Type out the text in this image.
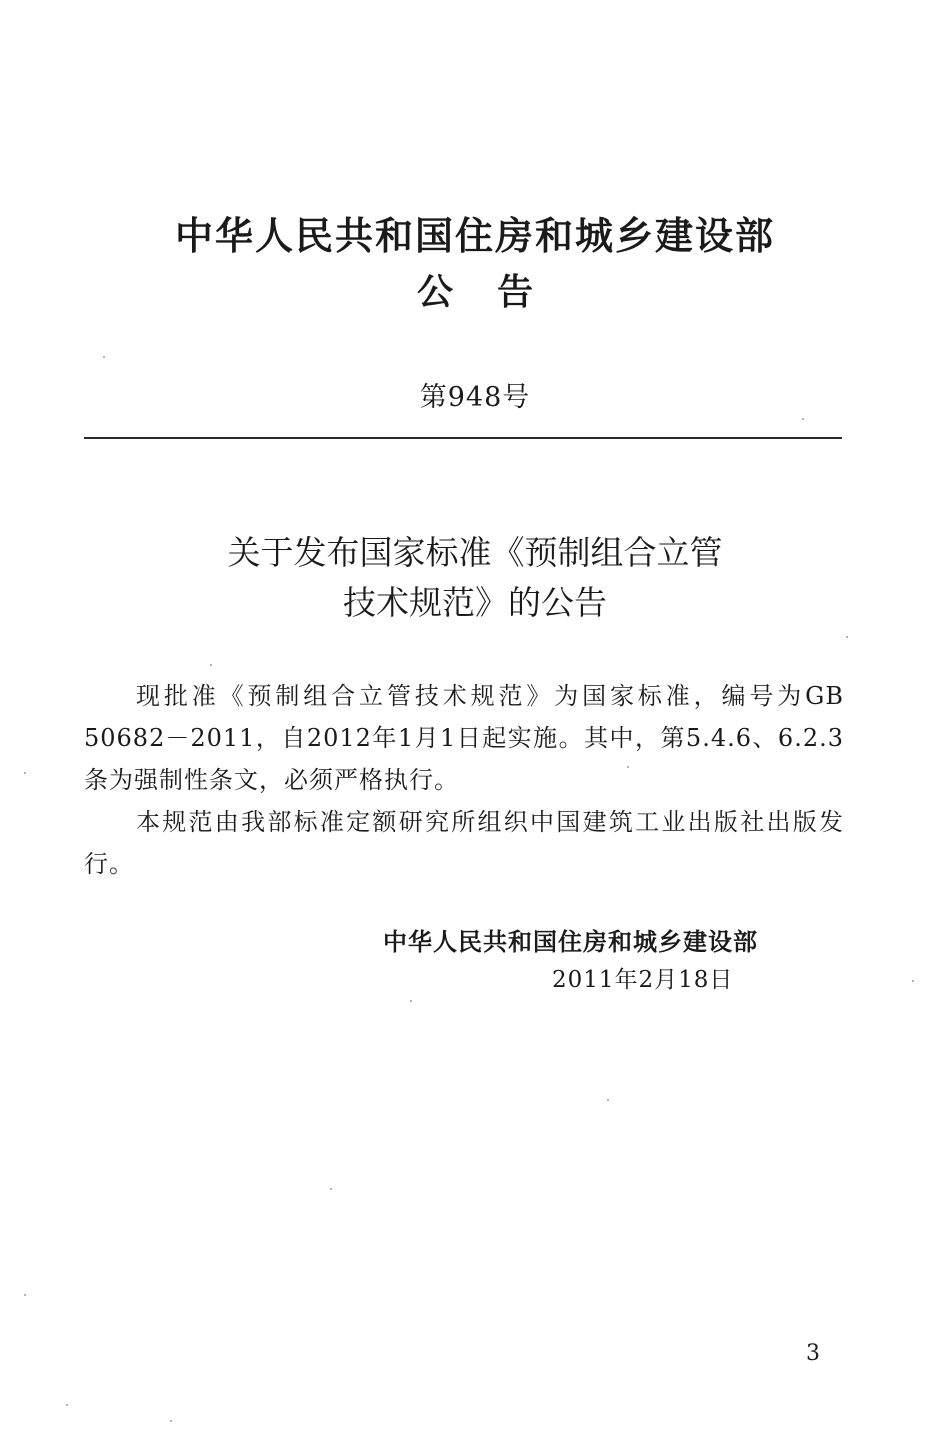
中华人民共和国住房和城乡建设部
公告
第948号
关于发布国家标准《预制组合立管
技术规范》的公告

现批准《预制组合立管技术规范》为国家标准，编号为GB 50682－2011，自2012年1月1日起实施。其中，第5.4.6、6.2.3条为强制性条文，必须严格执行。

本规范由我部标准定额研究所组织中国建筑工业出版社出版发行。

中华人民共和国住房和城乡建设部
2011年2月18日
3
